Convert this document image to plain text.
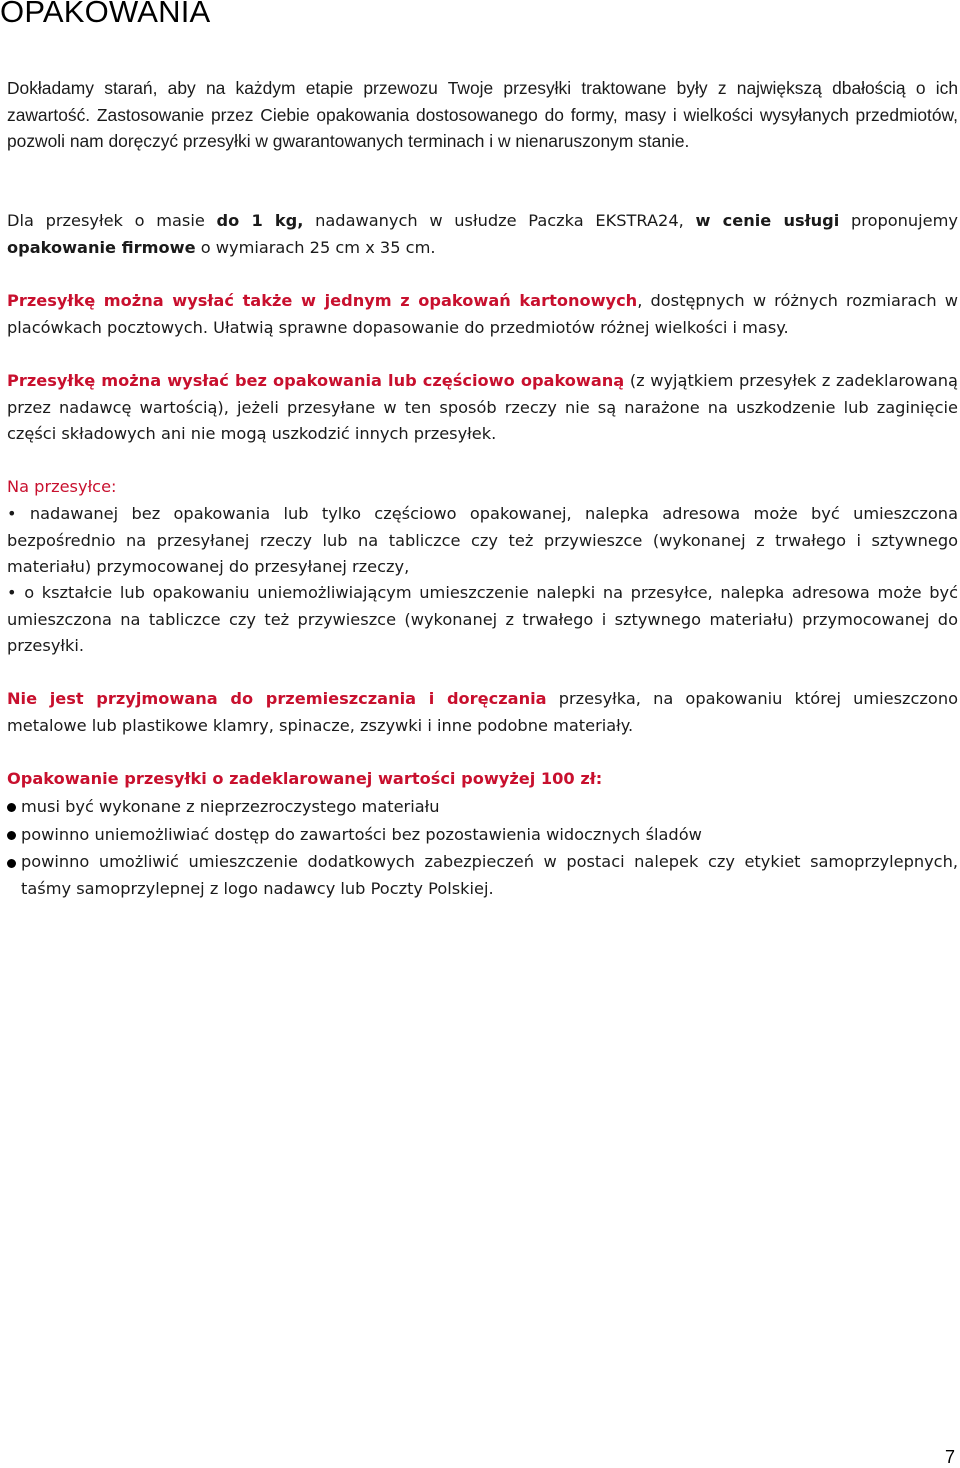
OPAKOWANIA

Dokładamy starań, aby na każdym etapie przewozu Twoje przesyłki traktowane były z największą dbałością o ich zawartość. Zastosowanie przez Ciebie opakowania dostosowanego do formy, masy i wielkości wysyłanych przedmiotów, pozwoli nam doręczyć przesyłki w gwarantowanych terminach i w nienaruszonym stanie.

Dla przesyłek o masie do 1 kg, nadawanych w usłudze Paczka EKSTRA24, w cenie usługi proponujemy opakowanie firmowe o wymiarach 25 cm x 35 cm.

Przesyłkę można wysłać także w jednym z opakowań kartonowych, dostępnych w różnych rozmiarach w placówkach pocztowych. Ułatwią sprawne dopasowanie do przedmiotów różnej wielkości i masy.

Przesyłkę można wysłać bez opakowania lub częściowo opakowaną (z wyjątkiem przesyłek z zadeklarowaną przez nadawcę wartością), jeżeli przesyłane w ten sposób rzeczy nie są narażone na uszkodzenie lub zaginięcie części składowych ani nie mogą uszkodzić innych przesyłek.

Na przesyłce:

• nadawanej bez opakowania lub tylko częściowo opakowanej, nalepka adresowa może być umieszczona bezpośrednio na przesyłanej rzeczy lub na tabliczce czy też przywieszce (wykonanej z trwałego i sztywnego materiału) przymocowanej do przesyłanej rzeczy,

• o kształcie lub opakowaniu uniemożliwiającym umieszczenie nalepki na przesyłce, nalepka adresowa może być umieszczona na tabliczce czy też przywieszce (wykonanej z trwałego i sztywnego materiału) przymocowanej do przesyłki.

Nie jest przyjmowana do przemieszczania i doręczania przesyłka, na opakowaniu której umieszczono metalowe lub plastikowe klamry, spinacze, zszywki i inne podobne materiały.

Opakowanie przesyłki o zadeklarowanej wartości powyżej 100 zł:

musi być wykonane z nieprzezroczystego materiału
powinno uniemożliwiać dostęp do zawartości bez pozostawienia widocznych śladów
powinno umożliwić umieszczenie dodatkowych zabezpieczeń w postaci nalepek czy etykiet samoprzylepnych, taśmy samoprzylepnej z logo nadawcy lub Poczty Polskiej.
7
